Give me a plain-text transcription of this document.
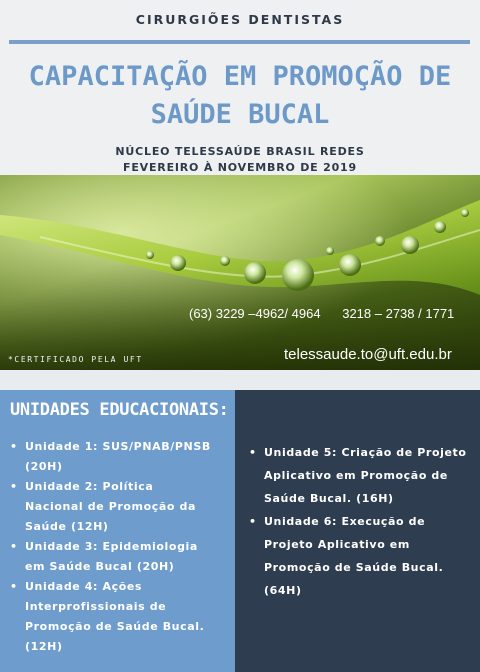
CIRURGIÕES DENTISTAS
CAPACITAÇÃO EM PROMOÇÃO DE
SAÚDE BUCAL
NÚCLEO TELESSAÚDE BRASIL REDES
FEVEREIRO À NOVEMBRO DE 2019
(63) 3229 –4962/ 4964      3218 – 2738 / 1771
telessaude.to@uft.edu.br
*CERTIFICADO PELA UFT
UNIDADES EDUCACIONAIS:
• Unidade 1: SUS/PNAB/PNSB
(20H)
• Unidade 2: Política
Nacional de Promoção da
Saúde (12H)
• Unidade 3: Epidemiologia
em Saúde Bucal (20H)
• Unidade 4: Ações
Interprofissionais de
Promoção de Saúde Bucal.
(12H)
• Unidade 5: Criação de Projeto
Aplicativo em Promoção de
Saúde Bucal. (16H)
• Unidade 6: Execução de
Projeto Aplicativo em
Promoção de Saúde Bucal.
(64H)
